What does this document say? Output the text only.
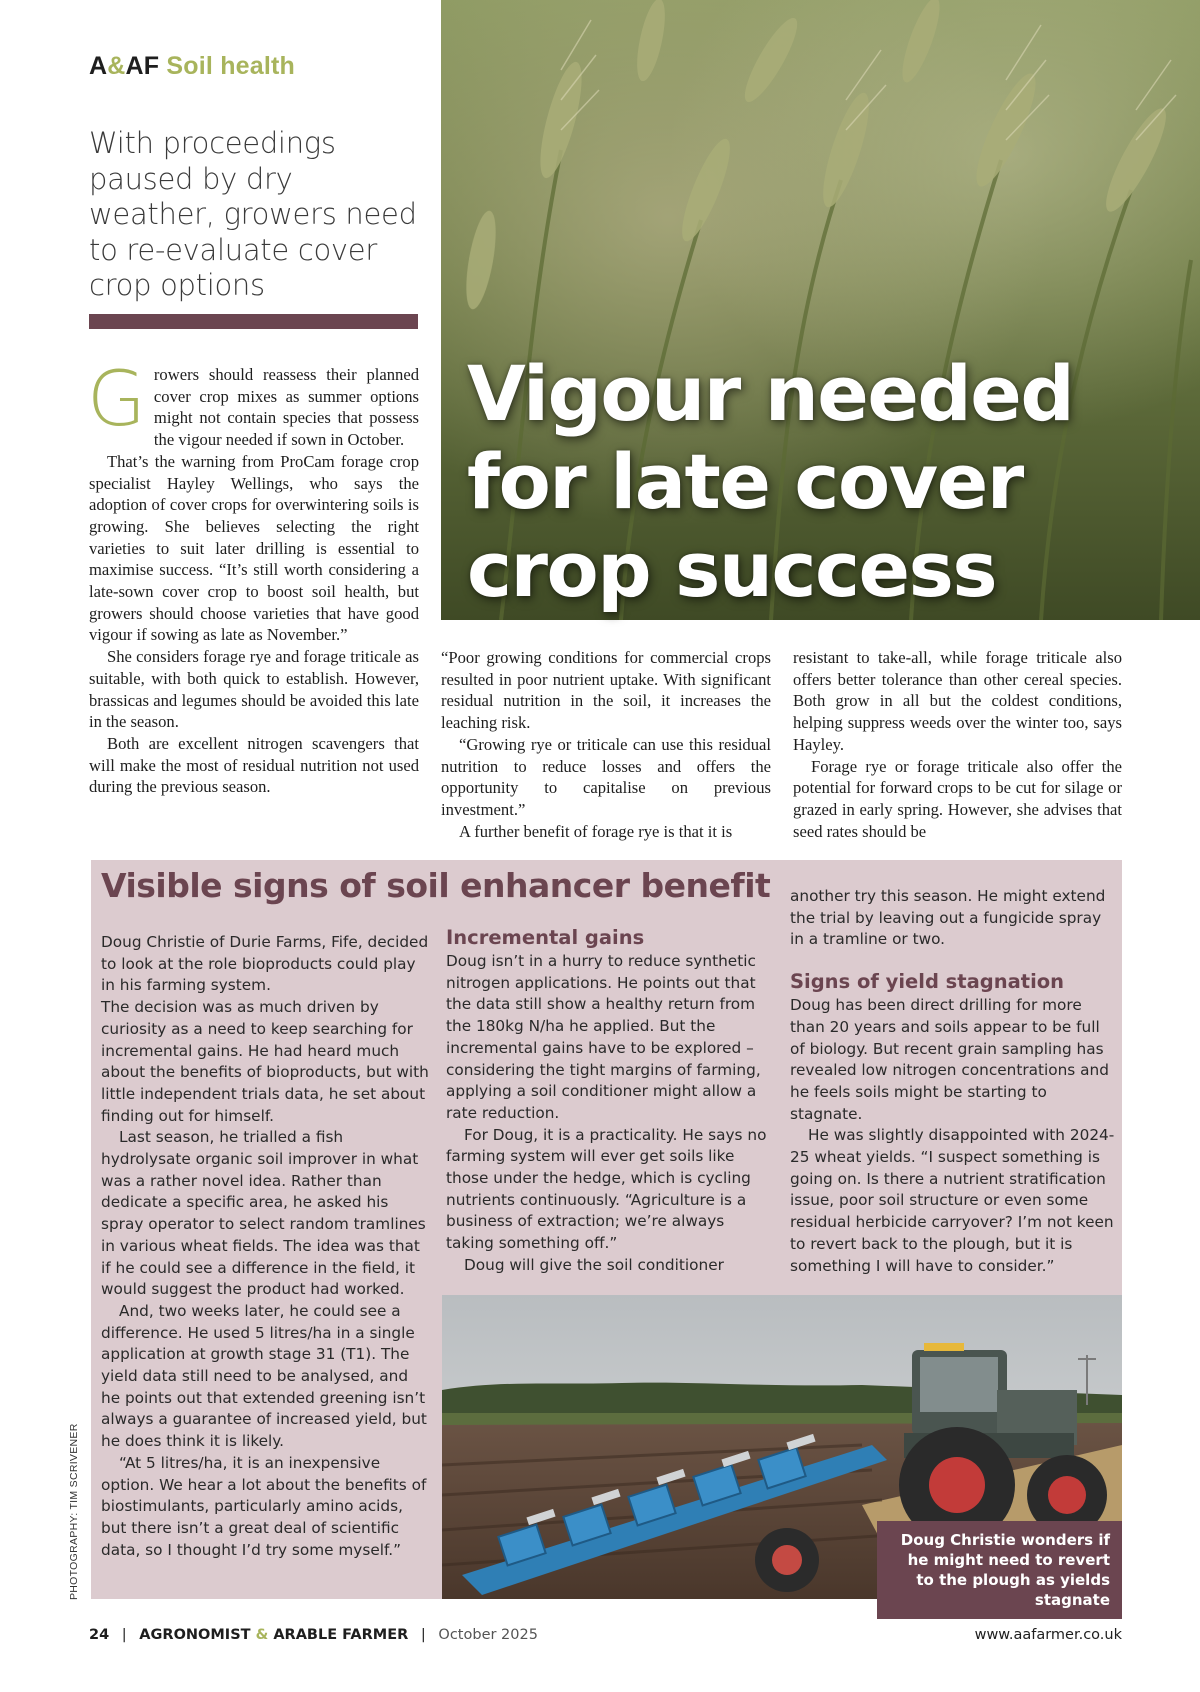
A&AF Soil health
With proceedings paused by dry weather, growers need to re-evaluate cover crop options
Vigour needed
for late cover
crop success
G rowers should reassess their planned cover crop mixes as summer options might not contain species that possess the vigour needed if sown in October.

That’s the warning from ProCam forage crop specialist Hayley Wellings, who says the adoption of cover crops for overwintering soils is growing. She believes selecting the right varieties to suit later drilling is essential to maximise success. “It’s still worth considering a late-sown cover crop to boost soil health, but growers should choose varieties that have good vigour if sowing as late as November.”

She considers forage rye and forage triticale as suitable, with both quick to establish. However, brassicas and legumes should be avoided this late in the season.

Both are excellent nitrogen scavengers that will make the most of residual nutrition not used during the previous season.

“Poor growing conditions for commercial crops resulted in poor nutrient uptake. With significant residual nutrition in the soil, it increases the leaching risk.

“Growing rye or triticale can use this residual nutrition to reduce losses and offers the opportunity to capitalise on previous investment.”

A further benefit of forage rye is that it is

resistant to take-all, while forage triticale also offers better tolerance than other cereal species. Both grow in all but the coldest conditions, helping suppress weeds over the winter too, says Hayley.

Forage rye or forage triticale also offer the potential for forward crops to be cut for silage or grazed in early spring. However, she advises that seed rates should be

Visible signs of soil enhancer benefit

Doug Christie of Durie Farms, Fife, decided to look at the role bioproducts could play in his farming system.

The decision was as much driven by curiosity as a need to keep searching for incremental gains. He had heard much about the benefits of bioproducts, but with little independent trials data, he set about finding out for himself.

Last season, he trialled a fish hydrolysate organic soil improver in what was a rather novel idea. Rather than dedicate a specific area, he asked his spray operator to select random tramlines in various wheat fields. The idea was that if he could see a difference in the field, it would suggest the product had worked.

And, two weeks later, he could see a difference. He used 5 litres/ha in a single application at growth stage 31 (T1). The yield data still need to be analysed, and he points out that extended greening isn’t always a guarantee of increased yield, but he does think it is likely.

“At 5 litres/ha, it is an inexpensive option. We hear a lot about the benefits of biostimulants, particularly amino acids, but there isn’t a great deal of scientific data, so I thought I’d try some myself.”

Incremental gains

Doug isn’t in a hurry to reduce synthetic nitrogen applications. He points out that the data still show a healthy return from the 180kg N/ha he applied. But the incremental gains have to be explored – considering the tight margins of farming, applying a soil conditioner might allow a rate reduction.

For Doug, it is a practicality. He says no farming system will ever get soils like those under the hedge, which is cycling nutrients continuously. “Agriculture is a business of extraction; we’re always taking something off.”

Doug will give the soil conditioner

another try this season. He might extend the trial by leaving out a fungicide spray in a tramline or two.

Signs of yield stagnation

Doug has been direct drilling for more than 20 years and soils appear to be full of biology. But recent grain sampling has revealed low nitrogen concentrations and he feels soils might be starting to stagnate.

He was slightly disappointed with 2024-25 wheat yields. “I suspect something is going on. Is there a nutrient stratification issue, poor soil structure or even some residual herbicide carryover? I’m not keen to revert back to the plough, but it is something I will have to consider.”

Doug Christie wonders if he might need to revert to the plough as yields stagnate
PHOTOGRAPHY: TIM SCRIVENER
24 | AGRONOMIST & ARABLE FARMER | October 2025	www.aafarmer.co.uk
